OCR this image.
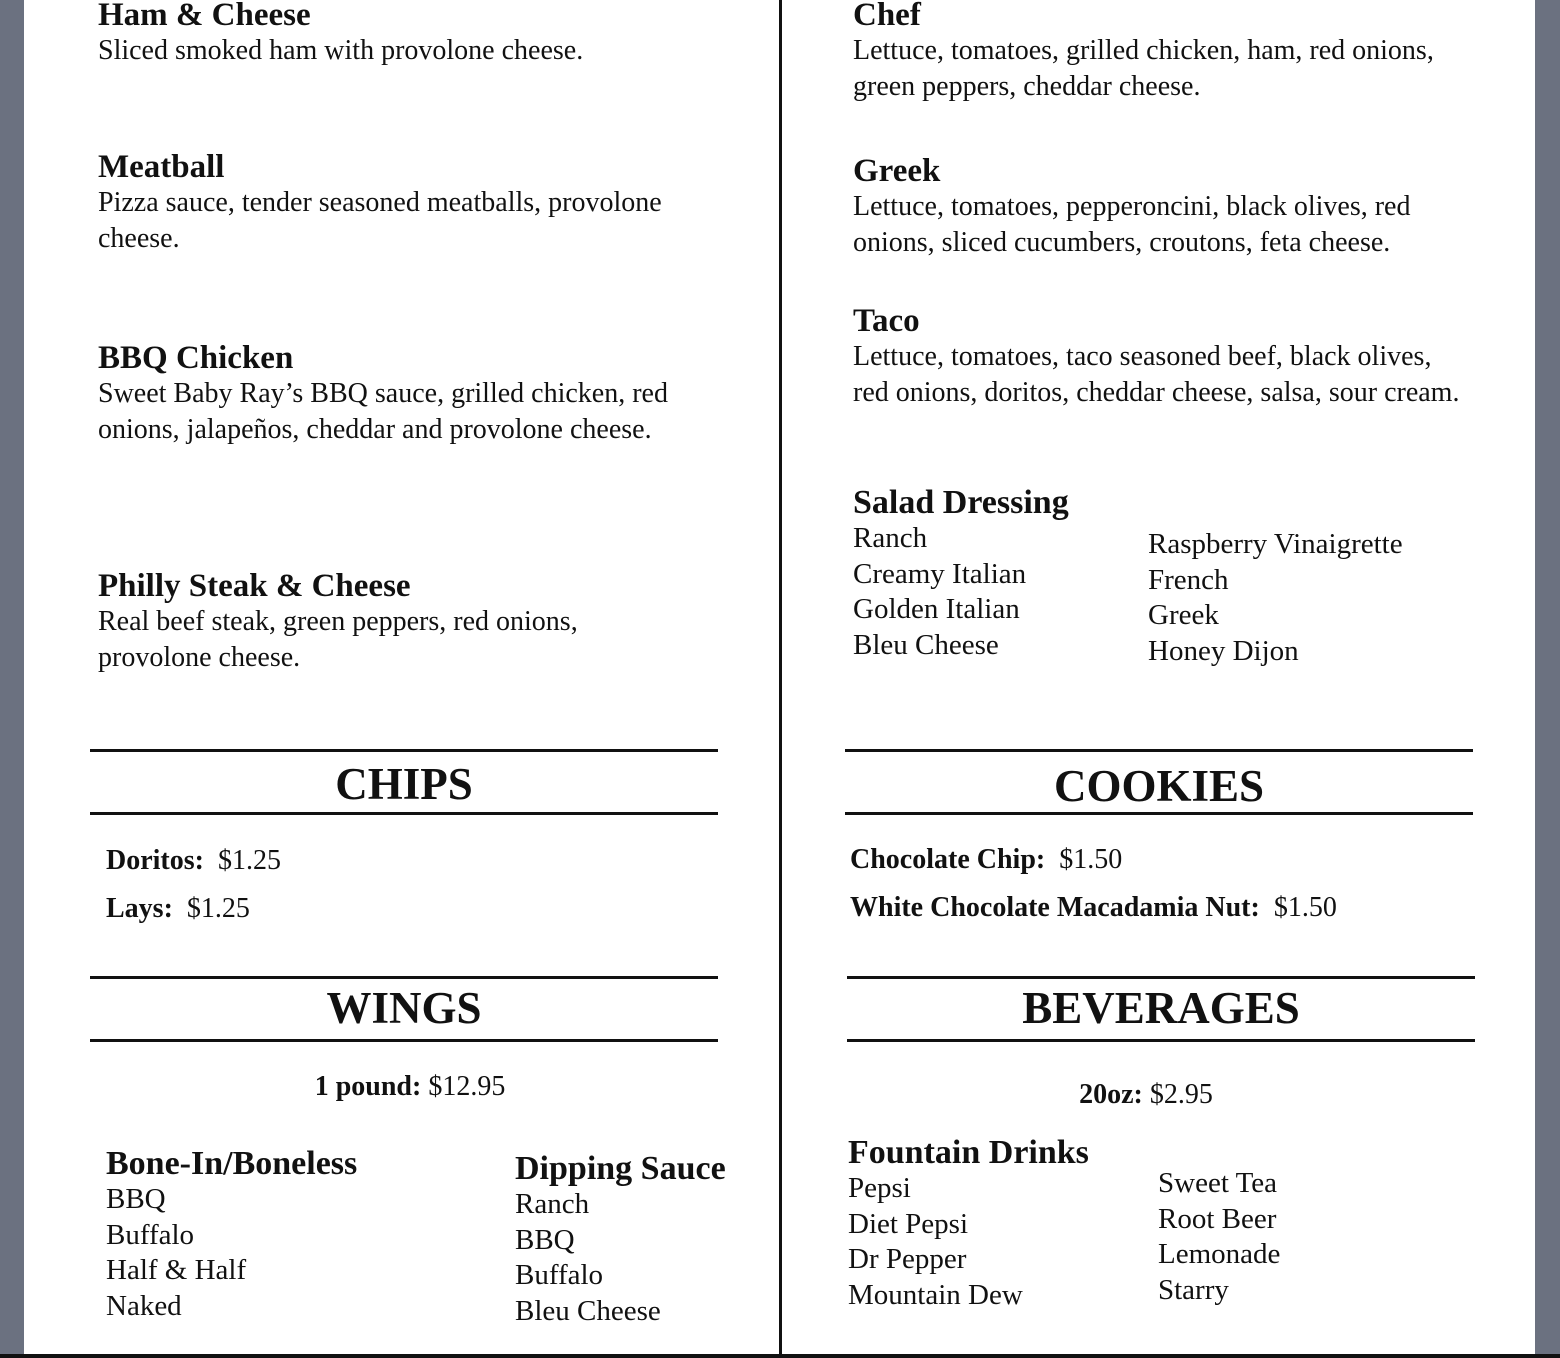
Ham & Cheese
Sliced smoked ham with provolone cheese.
Meatball
Pizza sauce, tender seasoned meatballs, provolone cheese.
BBQ Chicken
Sweet Baby Ray’s BBQ sauce, grilled chicken, red onions, jalapeños, cheddar and provolone cheese.
Philly Steak & Cheese
Real beef steak, green peppers, red onions, provolone cheese.
CHIPS
Doritos: $1.25
Lays: $1.25
WINGS
1 pound: $12.95
Bone-In/Boneless
BBQ
Buffalo
Half & Half
Naked
Dipping Sauce
Ranch
BBQ
Buffalo
Bleu Cheese
Chef
Lettuce, tomatoes, grilled chicken, ham, red onions, green peppers, cheddar cheese.
Greek
Lettuce, tomatoes, pepperoncini, black olives, red onions, sliced cucumbers, croutons, feta cheese.
Taco
Lettuce, tomatoes, taco seasoned beef, black olives, red onions, doritos, cheddar cheese, salsa, sour cream.
Salad Dressing
Ranch
Creamy Italian
Golden Italian
Bleu Cheese
Raspberry Vinaigrette
French
Greek
Honey Dijon
COOKIES
Chocolate Chip: $1.50
White Chocolate Macadamia Nut: $1.50
BEVERAGES
20oz: $2.95
Fountain Drinks
Pepsi
Diet Pepsi
Dr Pepper
Mountain Dew
Sweet Tea
Root Beer
Lemonade
Starry
